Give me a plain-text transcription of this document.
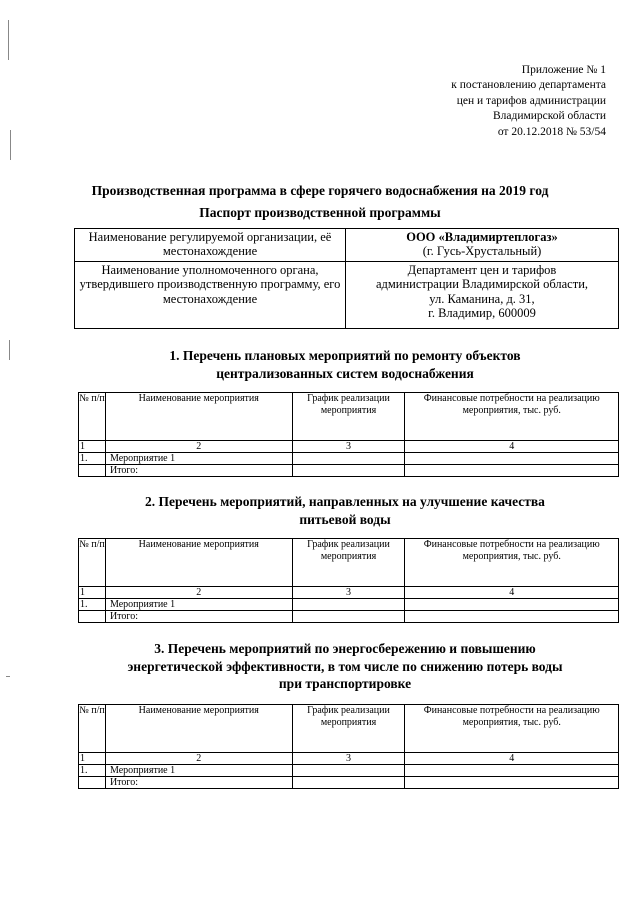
Приложение № 1
к постановлению департамента
цен и тарифов администрации
Владимирской области
от 20.12.2018 № 53/54
Производственная программа в сфере горячего водоснабжения на 2019 год
Паспорт производственной программы
Наименование регулируемой организации, её местонахождение	ООО «Владимиртеплогаз»
(г. Гусь-Хрустальный)

Наименование уполномоченного органа, утвердившего производственную программу, его местонахождение	Департамент цен и тарифов
администрации Владимирской области,
ул. Каманина, д. 31,
г. Владимир, 600009
1. Перечень плановых мероприятий по ремонту объектов
централизованных систем водоснабжения
№ п/п	Наименование мероприятия	График реализации мероприятия	Финансовые потребности на реализацию мероприятия, тыс. руб.
1	2	3	4
1.	Мероприятие 1		
	Итого:		
2. Перечень мероприятий, направленных на улучшение качества
питьевой воды
№ п/п	Наименование мероприятия	График реализации мероприятия	Финансовые потребности на реализацию мероприятия, тыс. руб.
1	2	3	4
1.	Мероприятие 1		
	Итого:		
3. Перечень мероприятий по энергосбережению и повышению
энергетической эффективности, в том числе по снижению потерь воды
при транспортировке
№ п/п	Наименование мероприятия	График реализации мероприятия	Финансовые потребности на реализацию мероприятия, тыс. руб.
1	2	3	4
1.	Мероприятие 1		
	Итого:		
